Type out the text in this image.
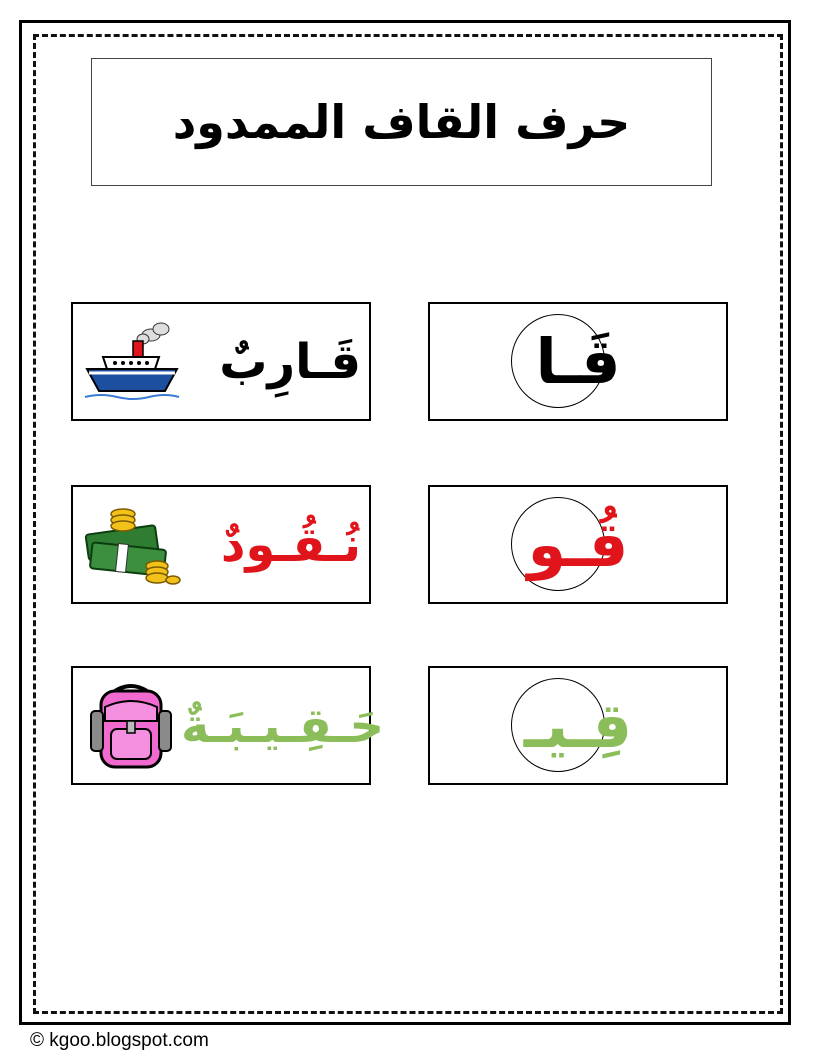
حرف القاف الممدود
قَـا
قَـارِبٌ
قُـو
نُـقُـودٌ
قِـيـ
حَـقِـيـبَـةٌ
© kgoo.blogspot.com
